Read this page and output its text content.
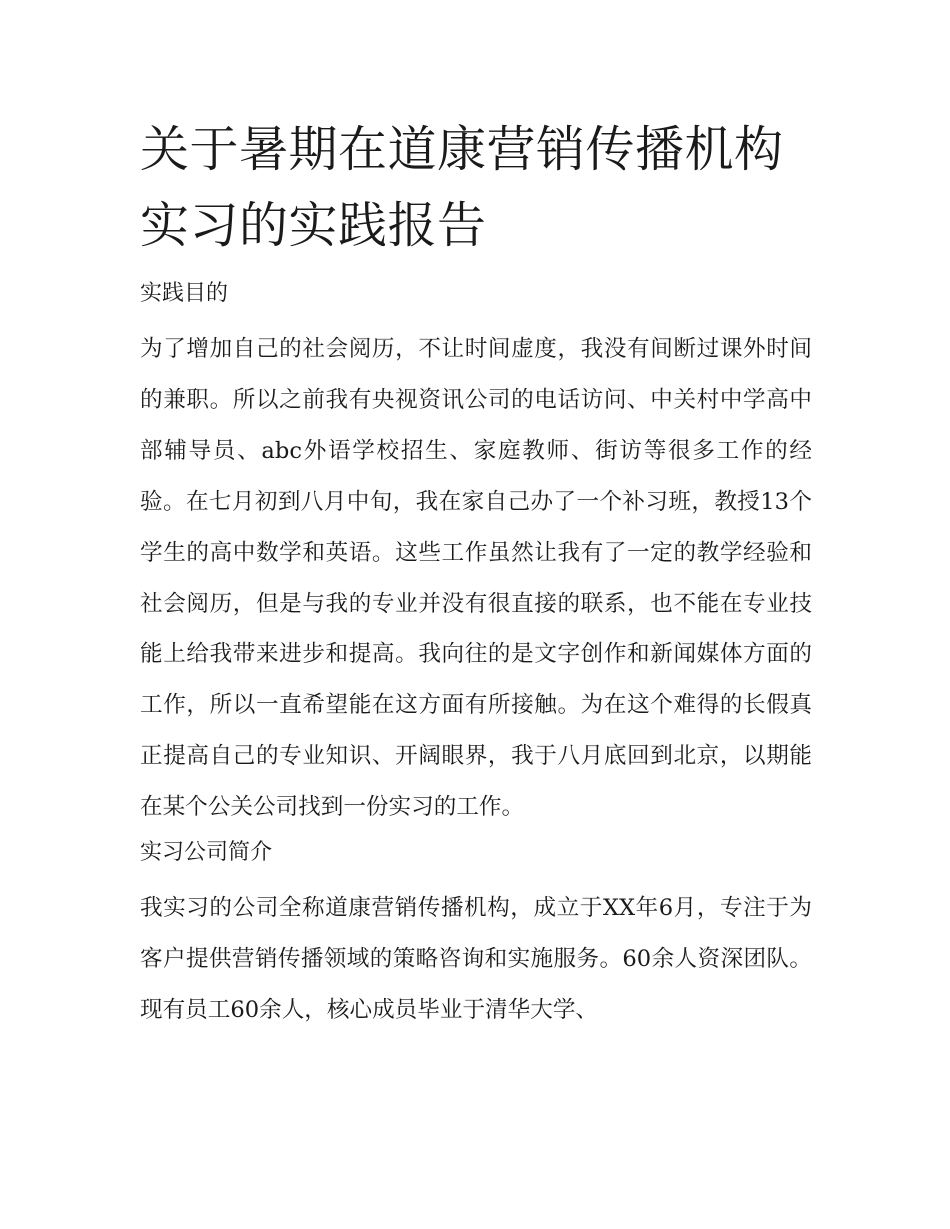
关于暑期在道康营销传播机构实习的实践报告
实践目的

为了增加自己的社会阅历，不让时间虚度，我没有间断过课外时间的兼职。所以之前我有央视资讯公司的电话访问、中关村中学高中部辅导员、abc外语学校招生、家庭教师、街访等很多工作的经验。在七月初到八月中旬，我在家自己办了一个补习班，教授13个学生的高中数学和英语。这些工作虽然让我有了一定的教学经验和社会阅历，但是与我的专业并没有很直接的联系，也不能在专业技能上给我带来进步和提高。我向往的是文字创作和新闻媒体方面的工作，所以一直希望能在这方面有所接触。为在这个难得的长假真正提高自己的专业知识、开阔眼界，我于八月底回到北京，以期能在某个公关公司找到一份实习的工作。

实习公司简介

我实习的公司全称道康营销传播机构，成立于XX年6月，专注于为客户提供营销传播领域的策略咨询和实施服务。60余人资深团队。现有员工60余人，核心成员毕业于清华大学、
